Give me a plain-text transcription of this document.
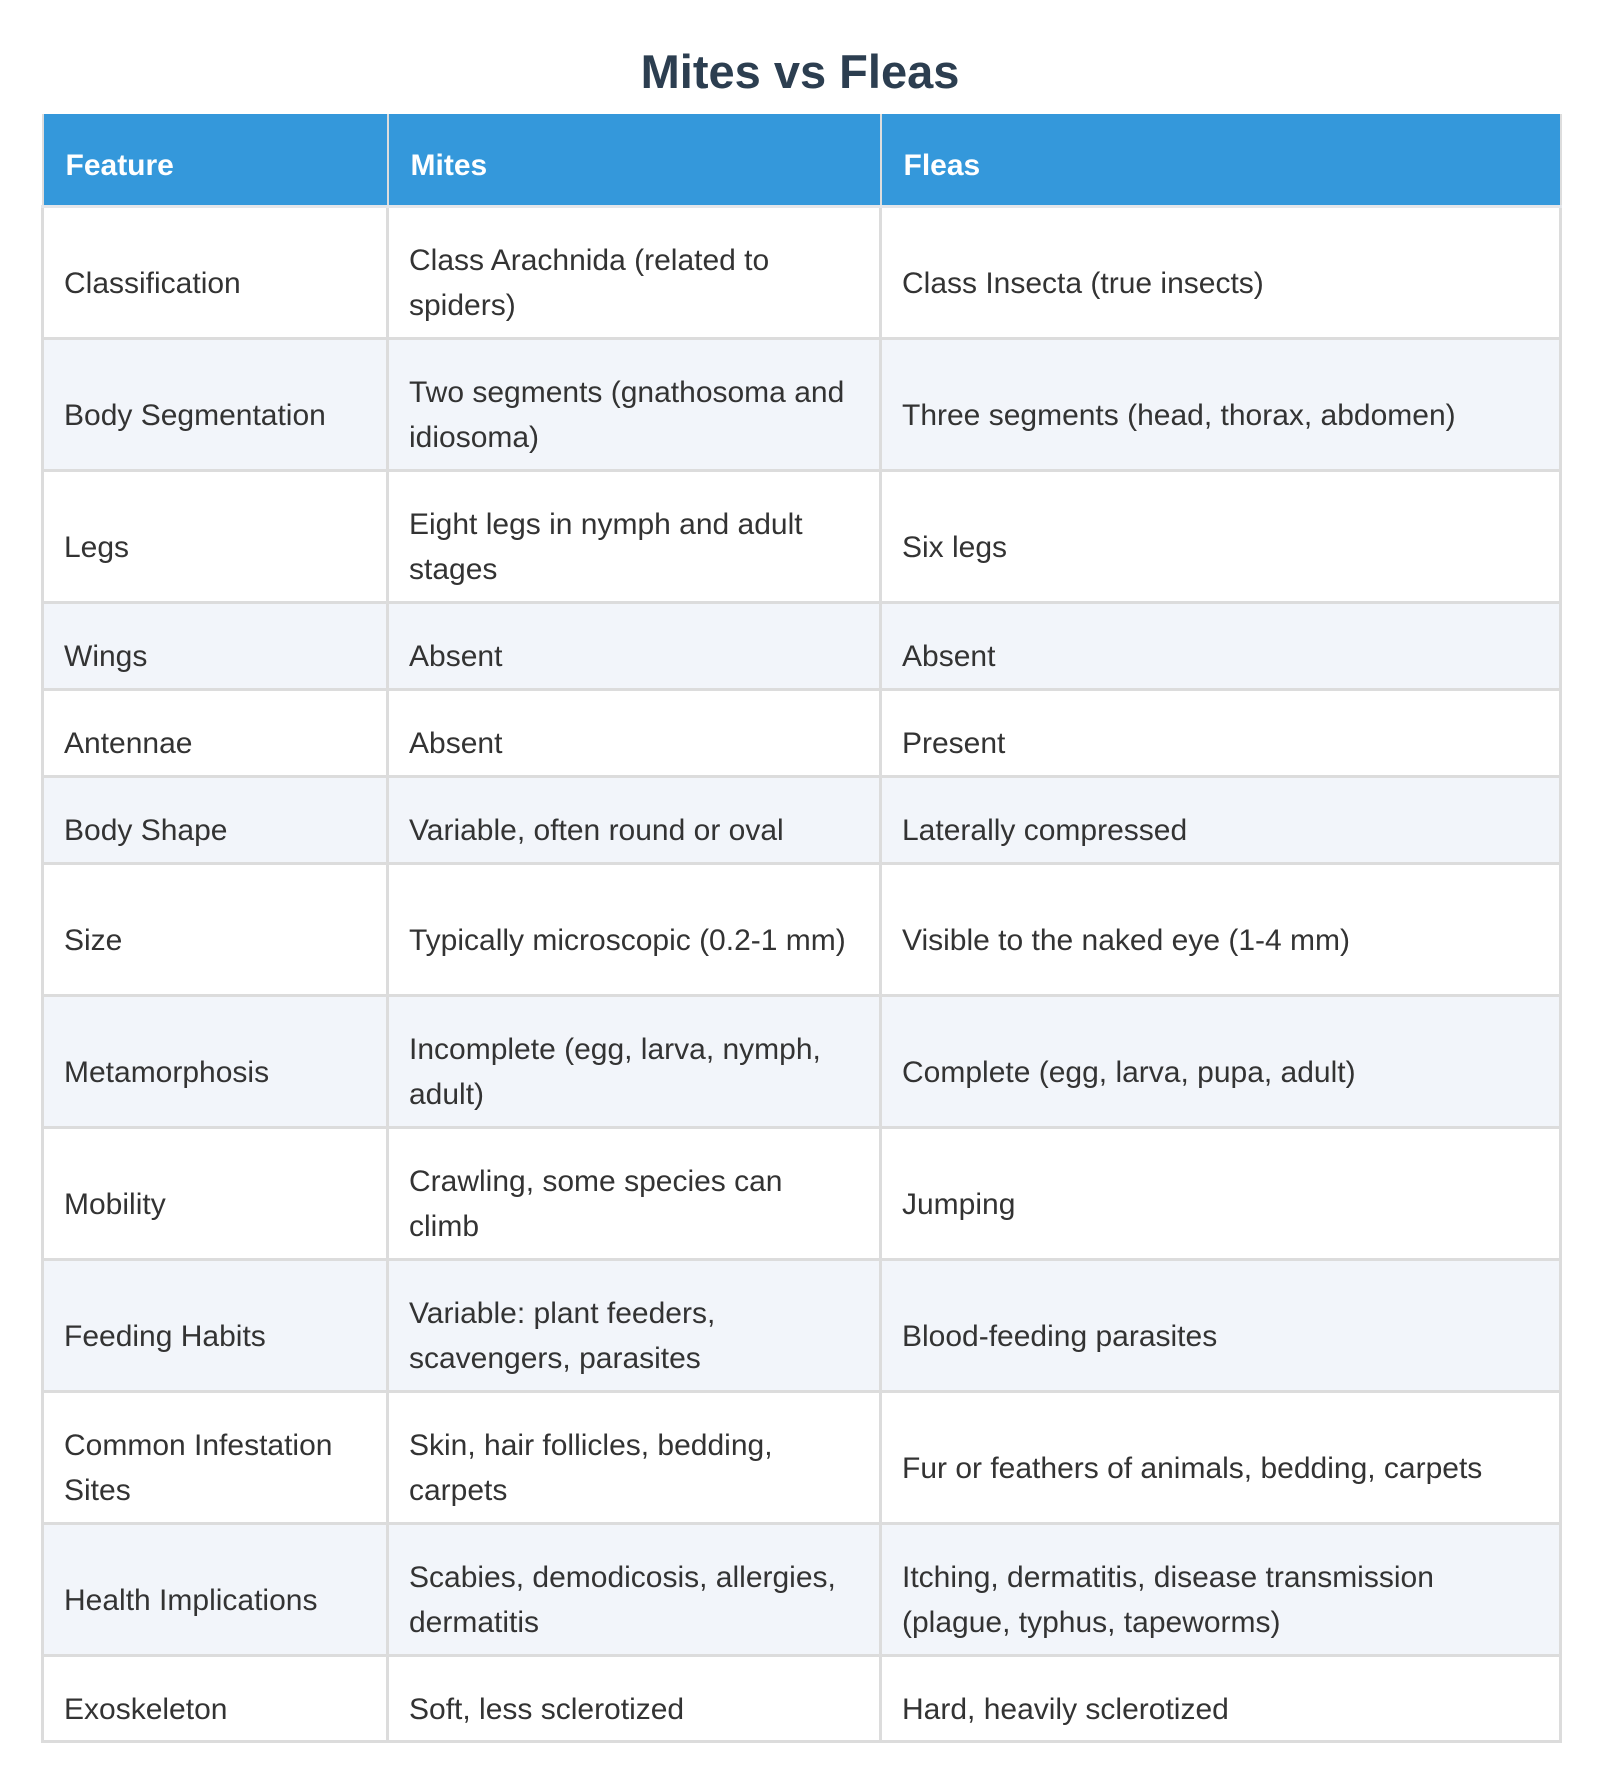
Mites vs Fleas
Feature	Mites	Fleas
Classification	Class Arachnida (related to spiders)	Class Insecta (true insects)
Body Segmentation	Two segments (gnathosoma and idiosoma)	Three segments (head, thorax, abdomen)
Legs	Eight legs in nymph and adult stages	Six legs
Wings	Absent	Absent
Antennae	Absent	Present
Body Shape	Variable, often round or oval	Laterally compressed
Size	Typically microscopic (0.2-1 mm)	Visible to the naked eye (1-4 mm)
Metamorphosis	Incomplete (egg, larva, nymph, adult)	Complete (egg, larva, pupa, adult)
Mobility	Crawling, some species can climb	Jumping
Feeding Habits	Variable: plant feeders, scavengers, parasites	Blood-feeding parasites
Common Infestation Sites	Skin, hair follicles, bedding, carpets	Fur or feathers of animals, bedding, carpets
Health Implications	Scabies, demodicosis, allergies, dermatitis	Itching, dermatitis, disease transmission (plague, typhus, tapeworms)
Exoskeleton	Soft, less sclerotized	Hard, heavily sclerotized
